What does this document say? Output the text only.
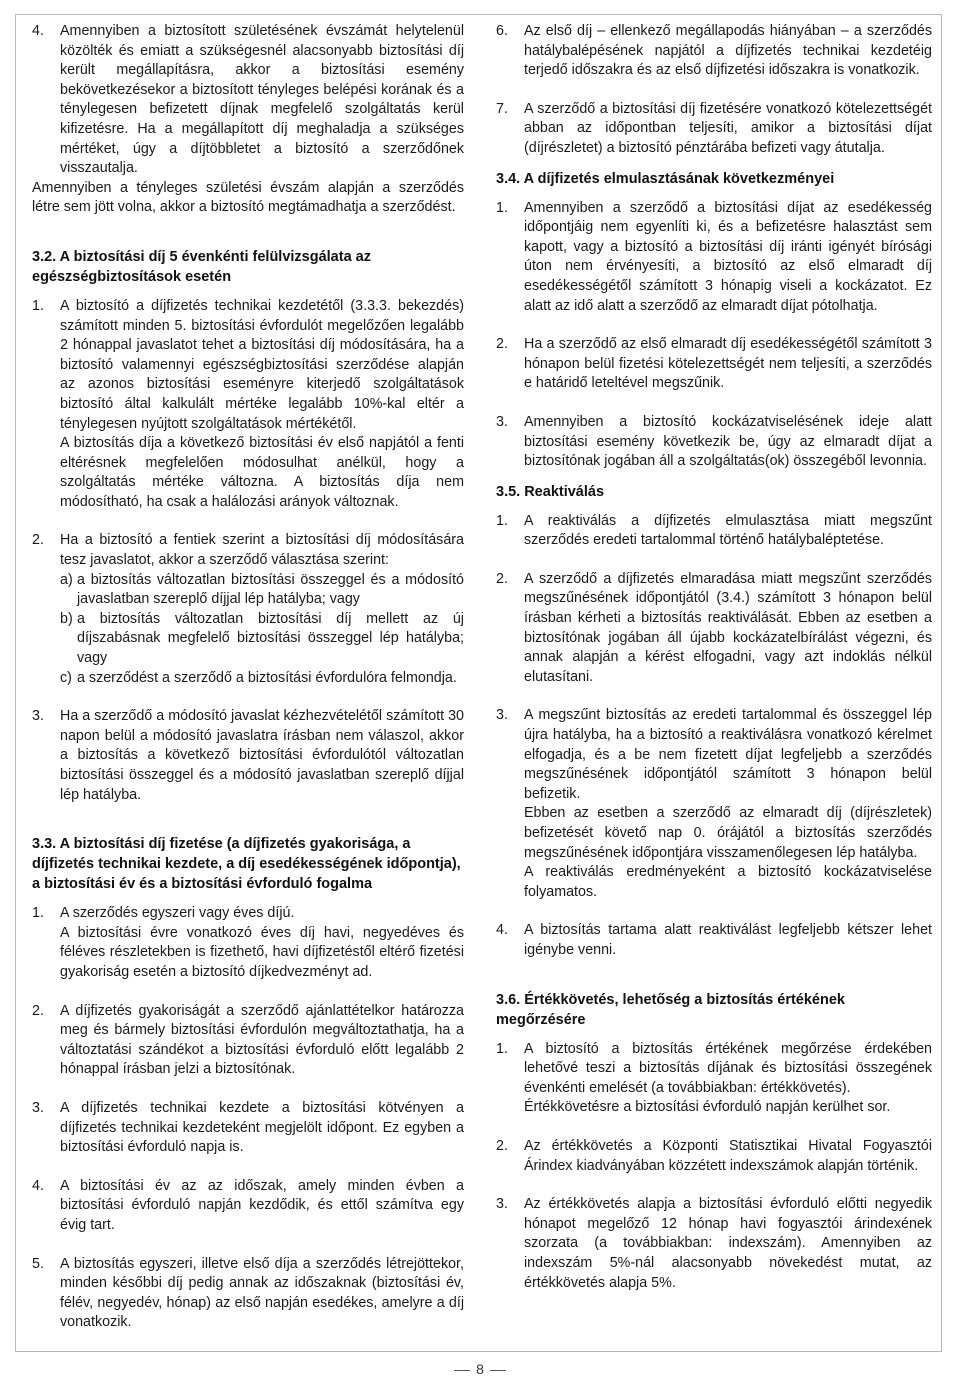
4. Amennyiben a biztosított születésének évszámát helytelenül közölték és emiatt a szükségesnél alacsonyabb biztosítási díj került megállapításra, akkor a biztosítási esemény bekövetkezésekor a biztosított tényleges belépési korának és a ténylegesen befizetett díjnak megfelelő szolgáltatás kerül kifizetésre. Ha a megállapított díj meghaladja a szükséges mértéket, úgy a díjtöbbletet a biztosító a szerződőnek visszautalja.

Amennyiben a tényleges születési évszám alapján a szerződés létre sem jött volna, akkor a biztosító megtámadhatja a szerződést.

3.2. A biztosítási díj 5 évenkénti felülvizsgálata az egészségbiztosítások esetén

1. A biztosító a díjfizetés technikai kezdetétől (3.3.3. bekezdés) számított minden 5. biztosítási évfordulót megelőzően legalább 2 hónappal javaslatot tehet a biztosítási díj módosítására, ha a biztosító valamennyi egészségbiztosítási szerződése alapján az azonos biztosítási eseményre kiterjedő szolgáltatások biztosító által kalkulált mértéke legalább 10%-kal eltér a ténylegesen nyújtott szolgáltatások mértékétől.

A biztosítás díja a következő biztosítási év első napjától a fenti eltérésnek megfelelően módosulhat anélkül, hogy a szolgáltatás mértéke változna. A biztosítás díja nem módosítható, ha csak a halálozási arányok változnak.

2. Ha a biztosító a fentiek szerint a biztosítási díj módosítására tesz javaslatot, akkor a szerződő választása szerint:

a) a biztosítás változatlan biztosítási összeggel és a módosító javaslatban szereplő díjjal lép hatályba; vagy
b) a biztosítás változatlan biztosítási díj mellett az új díjszabásnak megfelelő biztosítási összeggel lép hatályba; vagy
c) a szerződést a szerződő a biztosítási évfordulóra felmondja.
3. Ha a szerződő a módosító javaslat kézhezvételétől számított 30 napon belül a módosító javaslatra írásban nem válaszol, akkor a biztosítás a következő biztosítási évfordulótól változatlan biztosítási összeggel és a módosító javaslatban szereplő díjjal lép hatályba.

3.3. A biztosítási díj fizetése (a díjfizetés gyakorisága, a díjfizetés technikai kezdete, a díj esedékességének időpontja), a biztosítási év és a biztosítási évforduló fogalma

1. A szerződés egyszeri vagy éves díjú.

A biztosítási évre vonatkozó éves díj havi, negyedéves és féléves részletekben is fizethető, havi díjfizetéstől eltérő fizetési gyakoriság esetén a biztosító díjkedvezményt ad.

2. A díjfizetés gyakoriságát a szerződő ajánlattételkor határozza meg és bármely biztosítási évfordulón megváltoztathatja, ha a változtatási szándékot a biztosítási évforduló előtt legalább 2 hónappal írásban jelzi a biztosítónak.

3. A díjfizetés technikai kezdete a biztosítási kötvényen a díjfizetés technikai kezdeteként megjelölt időpont. Ez egyben a biztosítási évforduló napja is.

4. A biztosítási év az az időszak, amely minden évben a biztosítási évforduló napján kezdődik, és ettől számítva egy évig tart.

5. A biztosítás egyszeri, illetve első díja a szerződés létrejöttekor, minden későbbi díj pedig annak az időszaknak (biztosítási év, félév, negyedév, hónap) az első napján esedékes, amelyre a díj vonatkozik.

6. Az első díj – ellenkező megállapodás hiányában – a szerződés hatálybalépésének napjától a díjfizetés technikai kezdetéig terjedő időszakra és az első díjfizetési időszakra is vonatkozik.

7. A szerződő a biztosítási díj fizetésére vonatkozó kötelezettségét abban az időpontban teljesíti, amikor a biztosítási díjat (díjrészletet) a biztosító pénztárába befizeti vagy átutalja.

3.4. A díjfizetés elmulasztásának következményei

1. Amennyiben a szerződő a biztosítási díjat az esedékesség időpontjáig nem egyenlíti ki, és a befizetésre halasztást sem kapott, vagy a biztosító a biztosítási díj iránti igényét bírósági úton nem érvényesíti, a biztosító az első elmaradt díj esedékességétől számított 3 hónapig viseli a kockázatot. Ez alatt az idő alatt a szerződő az elmaradt díjat pótolhatja.

2. Ha a szerződő az első elmaradt díj esedékességétől számított 3 hónapon belül fizetési kötelezettségét nem teljesíti, a szerződés e határidő leteltével megszűnik.

3. Amennyiben a biztosító kockázatviselésének ideje alatt biztosítási esemény következik be, úgy az elmaradt díjat a biztosítónak jogában áll a szolgáltatás(ok) összegéből levonnia.

3.5. Reaktiválás

1. A reaktiválás a díjfizetés elmulasztása miatt megszűnt szerződés eredeti tartalommal történő hatálybaléptetése.

2. A szerződő a díjfizetés elmaradása miatt megszűnt szerződés megszűnésének időpontjától (3.4.) számított 3 hónapon belül írásban kérheti a biztosítás reaktiválását. Ebben az esetben a biztosítónak jogában áll újabb kockázatelbírálást végezni, és annak alapján a kérést elfogadni, vagy azt indoklás nélkül elutasítani.

3. A megszűnt biztosítás az eredeti tartalommal és összeggel lép újra hatályba, ha a biztosító a reaktiválásra vonatkozó kérelmet elfogadja, és a be nem fizetett díjat legfeljebb a szerződés megszűnésének időpontjától számított 3 hónapon belül befizetik.

Ebben az esetben a szerződő az elmaradt díj (díjrészletek) befizetését követő nap 0. órájától a biztosítás szerződés megszűnésének időpontjára visszamenőlegesen lép hatályba.

A reaktiválás eredményeként a biztosító kockázatviselése folyamatos.

4. A biztosítás tartama alatt reaktiválást legfeljebb kétszer lehet igénybe venni.

3.6. Értékkövetés, lehetőség a biztosítás értékének megőrzésére

1. A biztosító a biztosítás értékének megőrzése érdekében lehetővé teszi a biztosítás díjának és biztosítási összegének évenkénti emelését (a továbbiakban: értékkövetés).

Értékkövetésre a biztosítási évforduló napján kerülhet sor.

2. Az értékkövetés a Központi Statisztikai Hivatal Fogyasztói Árindex kiadványában közzétett indexszámok alapján történik.

3. Az értékkövetés alapja a biztosítási évforduló előtti negyedik hónapot megelőző 12 hónap havi fogyasztói árindexének szorzata (a továbbiakban: indexszám). Amennyiben az indexszám 5%-nál alacsonyabb növekedést mutat, az értékkövetés alapja 5%.

8
